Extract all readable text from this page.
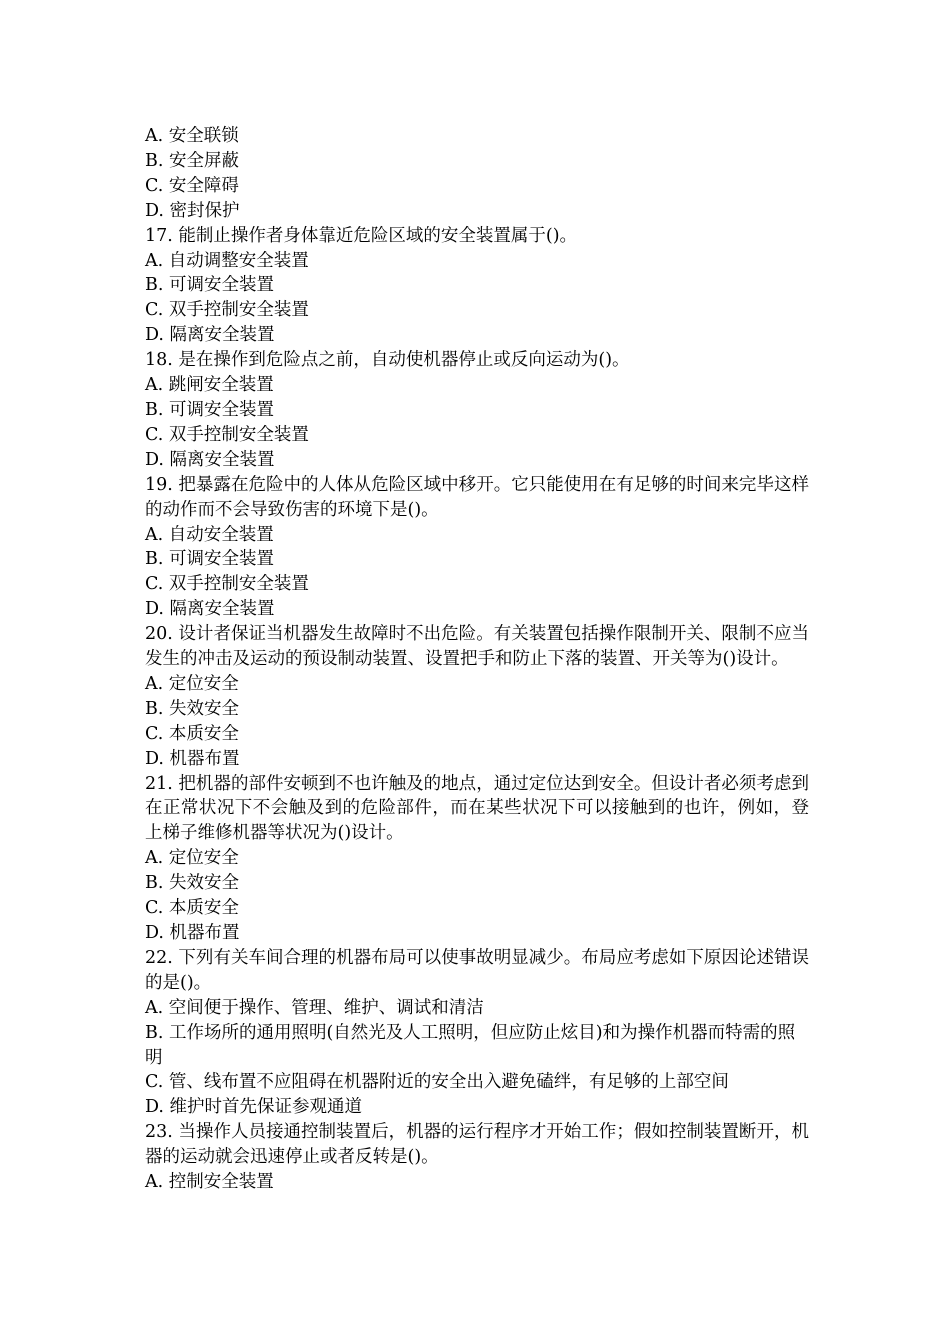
A. 安全联锁

B. 安全屏蔽

C. 安全障碍

D. 密封保护

17. 能制止操作者身体靠近危险区域的安全装置属于()。

A. 自动调整安全装置

B. 可调安全装置

C. 双手控制安全装置

D. 隔离安全装置

18. 是在操作到危险点之前，自动使机器停止或反向运动为()。

A. 跳闸安全装置

B. 可调安全装置

C. 双手控制安全装置

D. 隔离安全装置

19. 把暴露在危险中的人体从危险区域中移开。它只能使用在有足够的时间来完毕这样的动作而不会导致伤害的环境下是()。

A. 自动安全装置

B. 可调安全装置

C. 双手控制安全装置

D. 隔离安全装置

20. 设计者保证当机器发生故障时不出危险。有关装置包括操作限制开关、限制不应当发生的冲击及运动的预设制动装置、设置把手和防止下落的装置、开关等为()设计。

A. 定位安全

B. 失效安全

C. 本质安全

D. 机器布置

21. 把机器的部件安顿到不也许触及的地点，通过定位达到安全。但设计者必须考虑到在正常状况下不会触及到的危险部件，而在某些状况下可以接触到的也许，例如，登上梯子维修机器等状况为()设计。

A. 定位安全

B. 失效安全

C. 本质安全

D. 机器布置

22. 下列有关车间合理的机器布局可以使事故明显减少。布局应考虑如下原因论述错误的是()。

A. 空间便于操作、管理、维护、调试和清洁

B. 工作场所的通用照明(自然光及人工照明，但应防止炫目)和为操作机器而特需的照明

C. 管、线布置不应阻碍在机器附近的安全出入避免磕绊，有足够的上部空间

D. 维护时首先保证参观通道

23. 当操作人员接通控制装置后，机器的运行程序才开始工作；假如控制装置断开，机器的运动就会迅速停止或者反转是()。

A. 控制安全装置
